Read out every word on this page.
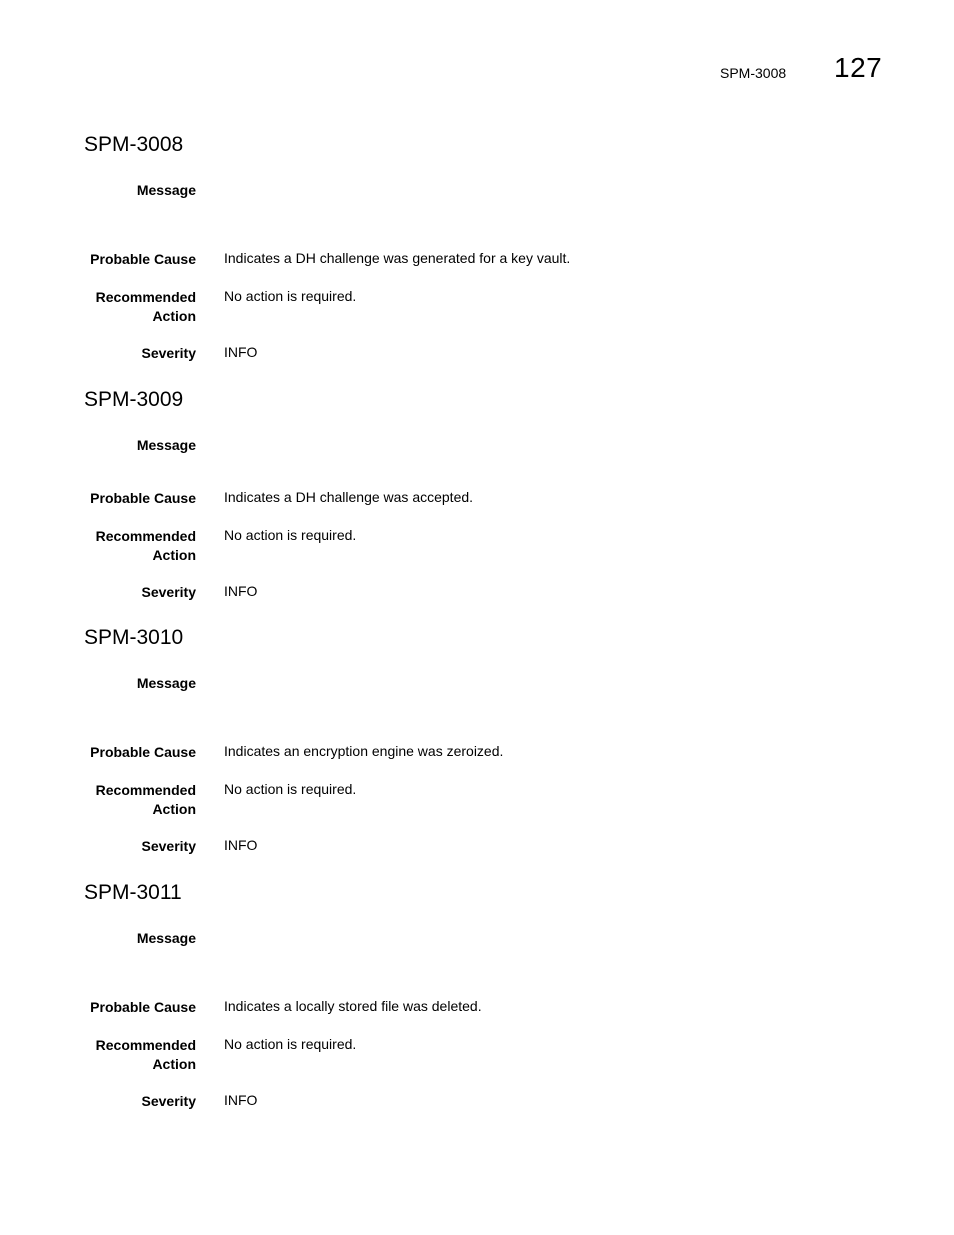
SPM-3008 127
SPM-3008
Message
Probable Cause Indicates a DH challenge was generated for a key vault.
Recommended
Action
No action is required.
Severity INFO
SPM-3009
Message
Probable Cause Indicates a DH challenge was accepted.
Recommended
Action
No action is required.
Severity INFO
SPM-3010
Message
Probable Cause Indicates an encryption engine was zeroized.
Recommended
Action
No action is required.
Severity INFO
SPM-3011
Message
Probable Cause Indicates a locally stored file was deleted.
Recommended
Action
No action is required.
Severity INFO
